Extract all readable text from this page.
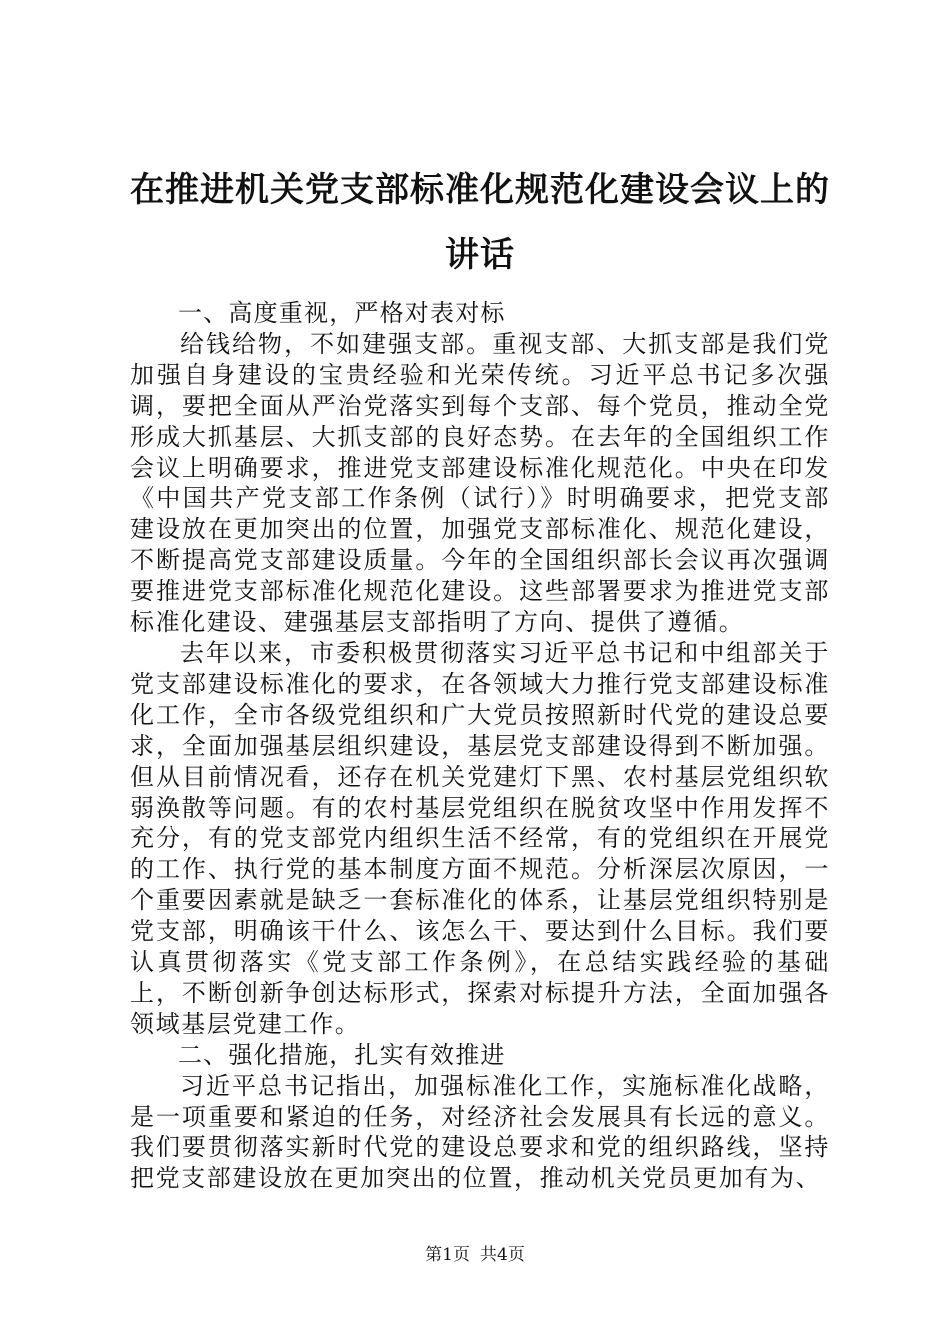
在推进机关党支部标准化规范化建设会议上的
讲话

一、高度重视，严格对表对标

给钱给物，不如建强支部。重视支部、大抓支部是我们党加强自身建设的宝贵经验和光荣传统。习近平总书记多次强调，要把全面从严治党落实到每个支部、每个党员，推动全党形成大抓基层、大抓支部的良好态势。在去年的全国组织工作会议上明确要求，推进党支部建设标准化规范化。中央在印发《中国共产党支部工作条例（试行）》时明确要求，把党支部建设放在更加突出的位置，加强党支部标准化、规范化建设，不断提高党支部建设质量。今年的全国组织部长会议再次强调要推进党支部标准化规范化建设。这些部署要求为推进党支部标准化建设、建强基层支部指明了方向、提供了遵循。

去年以来，市委积极贯彻落实习近平总书记和中组部关于党支部建设标准化的要求，在各领域大力推行党支部建设标准化工作，全市各级党组织和广大党员按照新时代党的建设总要求，全面加强基层组织建设，基层党支部建设得到不断加强。但从目前情况看，还存在机关党建灯下黑、农村基层党组织软弱涣散等问题。有的农村基层党组织在脱贫攻坚中作用发挥不充分，有的党支部党内组织生活不经常，有的党组织在开展党的工作、执行党的基本制度方面不规范。分析深层次原因，一个重要因素就是缺乏一套标准化的体系，让基层党组织特别是党支部，明确该干什么、该怎么干、要达到什么目标。我们要认真贯彻落实《党支部工作条例》，在总结实践经验的基础上，不断创新争创达标形式，探索对标提升方法，全面加强各领域基层党建工作。

二、强化措施，扎实有效推进

习近平总书记指出，加强标准化工作，实施标准化战略，是一项重要和紧迫的任务，对经济社会发展具有长远的意义。我们要贯彻落实新时代党的建设总要求和党的组织路线，坚持把党支部建设放在更加突出的位置，推动机关党员更加有为、

第1页 共4页
